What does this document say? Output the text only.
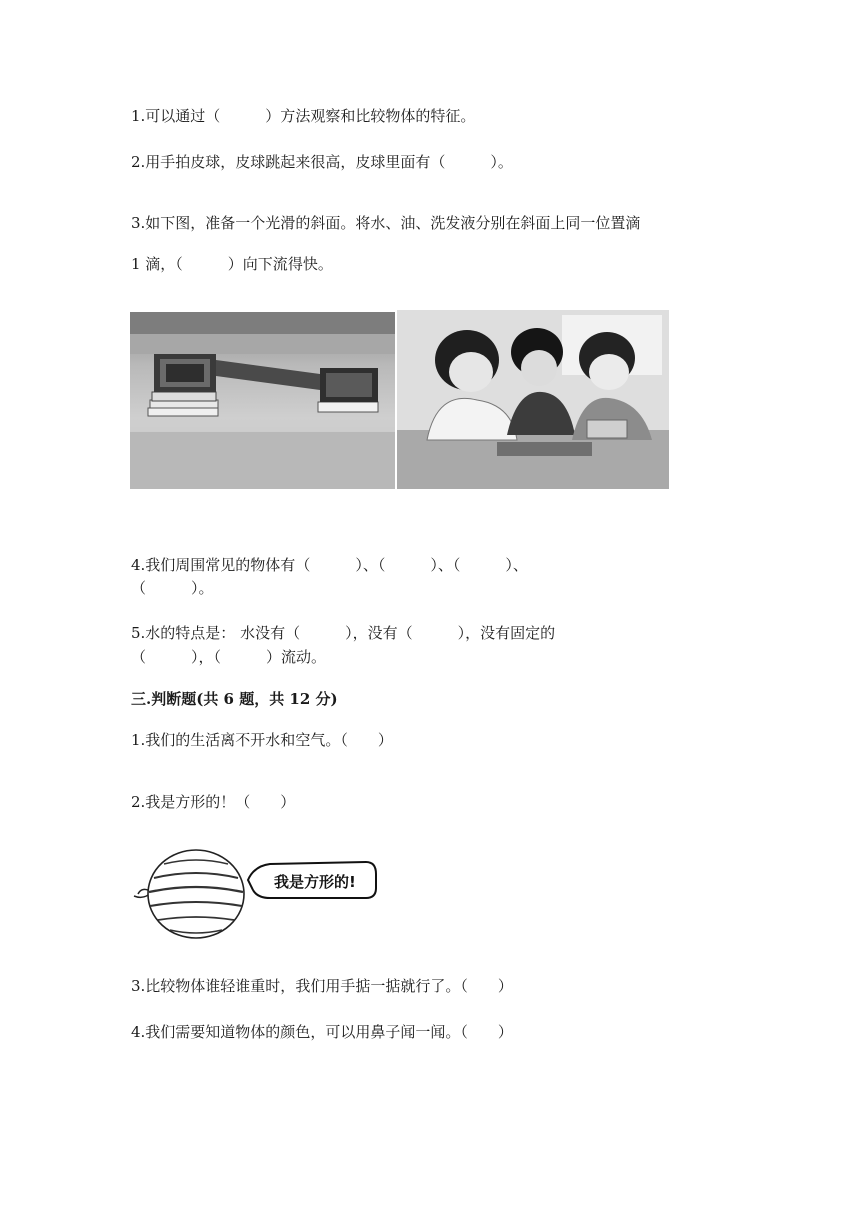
1.可以通过（　　　）方法观察和比较物体的特征。
2.用手拍皮球，皮球跳起来很高，皮球里面有（　　　）。
3.如下图，准备一个光滑的斜面。将水、油、洗发液分别在斜面上同一位置滴
1 滴，（　　　）向下流得快。
4.我们周围常见的物体有（　　　）、（　　　）、（　　　）、
（　　　）。
5.水的特点是： 水没有（　　　），没有（　　　），没有固定的
（　　　），（　　　）流动。
三.判断题(共 6 题，共 12 分)
1.我们的生活离不开水和空气。（　　）
2.我是方形的！（　　）
我是方形的!
3.比较物体谁轻谁重时，我们用手掂一掂就行了。（　　）
4.我们需要知道物体的颜色，可以用鼻子闻一闻。（　　）
